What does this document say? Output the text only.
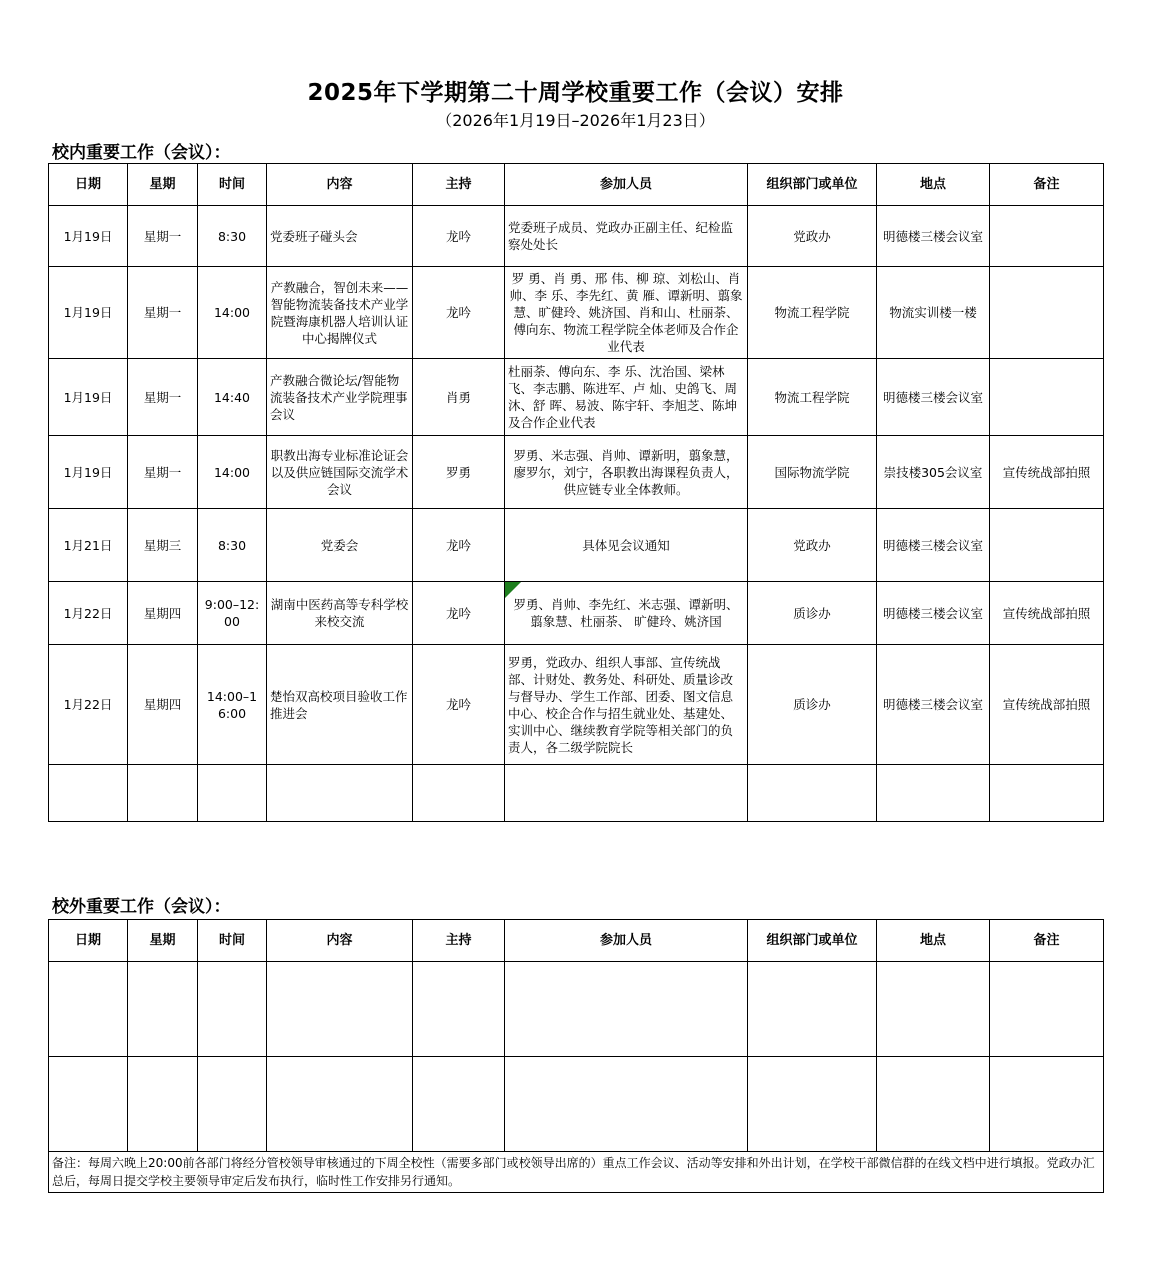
2025年下学期第二十周学校重要工作（会议）安排
（2026年1月19日–2026年1月23日）
校内重要工作（会议）：
日期	星期	时间	内容	主持	参加人员	组织部门或单位	地点	备注
1月19日	星期一	8:30	党委班子碰头会	龙吟	党委班子成员、党政办正副主任、纪检监察处处长	党政办	明德楼三楼会议室	
1月19日	星期一	14:00	产教融合，智创未来——智能物流装备技术产业学院暨海康机器人培训认证中心揭牌仪式	龙吟	罗 勇、肖 勇、邢 伟、柳 琼、刘松山、肖 帅、李 乐、李先红、黄 雁、谭新明、翦象慧、旷健玲、姚济国、肖和山、杜丽荼、傅向东、物流工程学院全体老师及合作企业代表	物流工程学院	物流实训楼一楼	
1月19日	星期一	14:40	产教融合微论坛/智能物流装备技术产业学院理事会议	肖勇	杜丽荼、傅向东、李 乐、沈治国、梁林飞、李志鹏、陈进军、卢 灿、史鸽飞、周 沐、舒 晖、易波、陈宇轩、李旭芝、陈坤及合作企业代表	物流工程学院	明德楼三楼会议室	
1月19日	星期一	14:00	职教出海专业标准论证会以及供应链国际交流学术会议	罗勇	罗勇、米志强、肖帅、谭新明，翦象慧，廖罗尔，刘宁，各职教出海课程负责人，供应链专业全体教师。	国际物流学院	崇技楼305会议室	宣传统战部拍照
1月21日	星期三	8:30	党委会	龙吟	具体见会议通知	党政办	明德楼三楼会议室	
1月22日	星期四	9:00–12:00	湖南中医药高等专科学校来校交流	龙吟	罗勇、肖帅、李先红、米志强、谭新明、翦象慧、杜丽荼、 旷健玲、姚济国	质诊办	明德楼三楼会议室	宣传统战部拍照
1月22日	星期四	14:00–16:00	楚怡双高校项目验收工作推进会	龙吟	罗勇，党政办、组织人事部、宣传统战部、计财处、教务处、科研处、质量诊改与督导办、学生工作部、团委、图文信息中心、校企合作与招生就业处、基建处、实训中心、继续教育学院等相关部门的负责人，各二级学院院长	质诊办	明德楼三楼会议室	宣传统战部拍照

校外重要工作（会议）：
日期	星期	时间	内容	主持	参加人员	组织部门或单位	地点	备注

备注：每周六晚上20:00前各部门将经分管校领导审核通过的下周全校性（需要多部门或校领导出席的）重点工作会议、活动等安排和外出计划，在学校干部微信群的在线文档中进行填报。党政办汇总后，每周日提交学校主要领导审定后发布执行，临时性工作安排另行通知。								
